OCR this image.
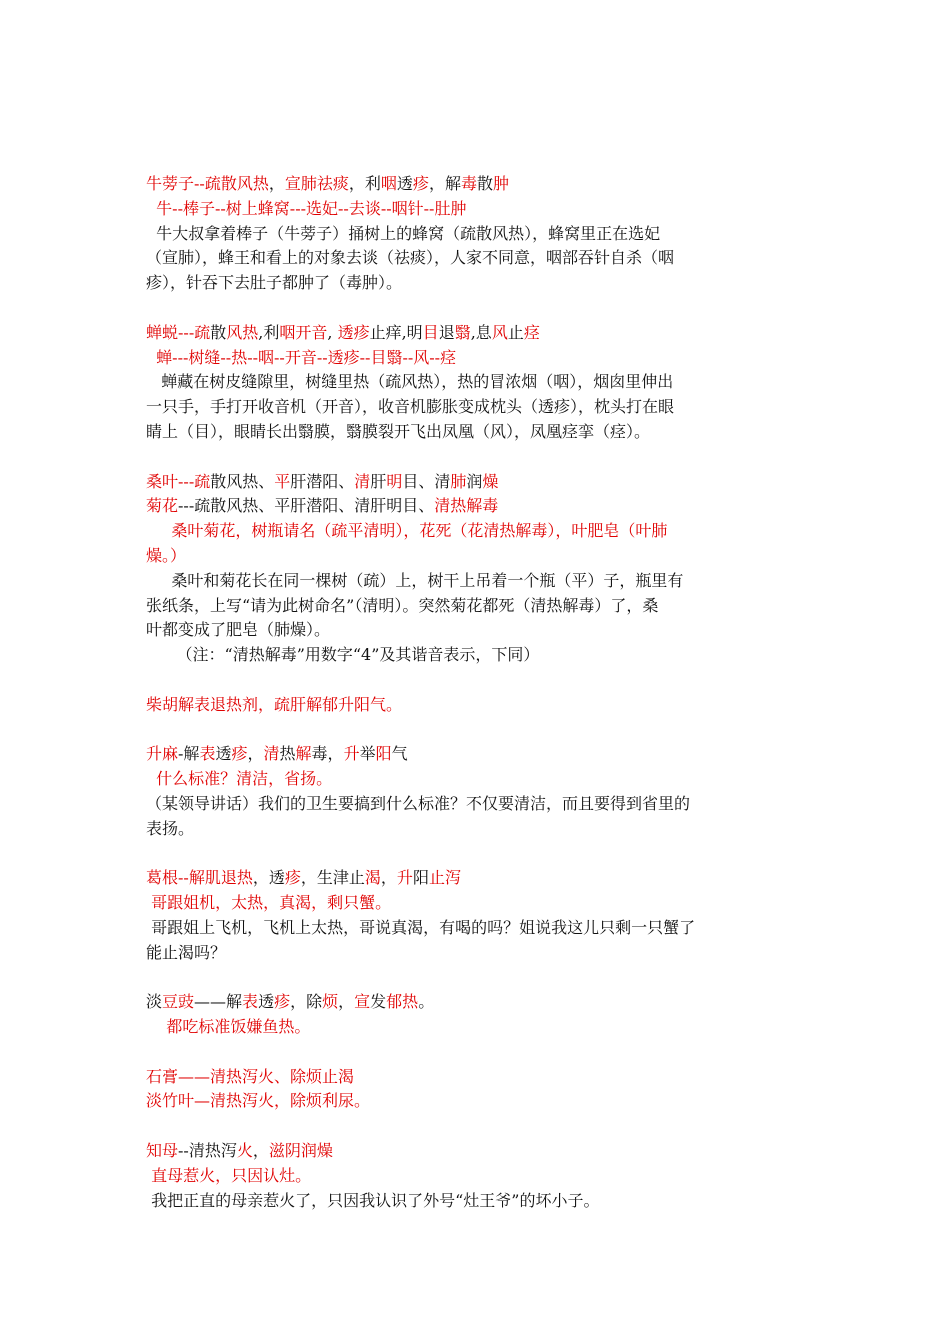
牛蒡子--疏散风热，宣肺祛痰，利咽透疹，解毒散肿
牛--棒子--树上蜂窝---选妃--去谈--咽针--肚肿
牛大叔拿着棒子（牛蒡子）捅树上的蜂窝（疏散风热），蜂窝里正在选妃
（宣肺），蜂王和看上的对象去谈（祛痰），人家不同意，咽部吞针自杀（咽
疹），针吞下去肚子都肿了（毒肿）。
蝉蜕---疏散风热,利咽开音, 透疹止痒,明目退翳,息风止痉
蝉---树缝--热--咽--开音--透疹--目翳--风--痉
蝉藏在树皮缝隙里，树缝里热（疏风热），热的冒浓烟（咽），烟囱里伸出
一只手，手打开收音机（开音），收音机膨胀变成枕头（透疹），枕头打在眼
睛上（目），眼睛长出翳膜，翳膜裂开飞出凤凰（风），凤凰痉挛（痉）。
桑叶---疏散风热、平肝潜阳、清肝明目、清肺润燥
菊花---疏散风热、平肝潜阳、清肝明目、清热解毒
桑叶菊花，树瓶请名（疏平清明），花死（花清热解毒），叶肥皂（叶肺
燥。）
桑叶和菊花长在同一棵树（疏）上，树干上吊着一个瓶（平）子，瓶里有
张纸条，上写“请为此树命名”（清明）。突然菊花都死（清热解毒）了，桑
叶都变成了肥皂（肺燥）。
（注：“清热解毒”用数字“4”及其谐音表示，下同）
柴胡解表退热剂，疏肝解郁升阳气。
升麻-解表透疹，清热解毒，升举阳气
什么标准？清洁，省扬。
（某领导讲话）我们的卫生要搞到什么标准？不仅要清洁，而且要得到省里的
表扬。
葛根--解肌退热，透疹，生津止渴，升阳止泻
哥跟姐机，太热，真渴，剩只蟹。
哥跟姐上飞机，飞机上太热，哥说真渴，有喝的吗？姐说我这儿只剩一只蟹了
能止渴吗？
淡豆豉——解表透疹，除烦，宣发郁热。
都吃标准饭嫌鱼热。
石膏——清热泻火、除烦止渴
淡竹叶—清热泻火，除烦利尿。
知母--清热泻火，滋阴润燥
直母惹火，只因认灶。
我把正直的母亲惹火了，只因我认识了外号“灶王爷”的坏小子。
